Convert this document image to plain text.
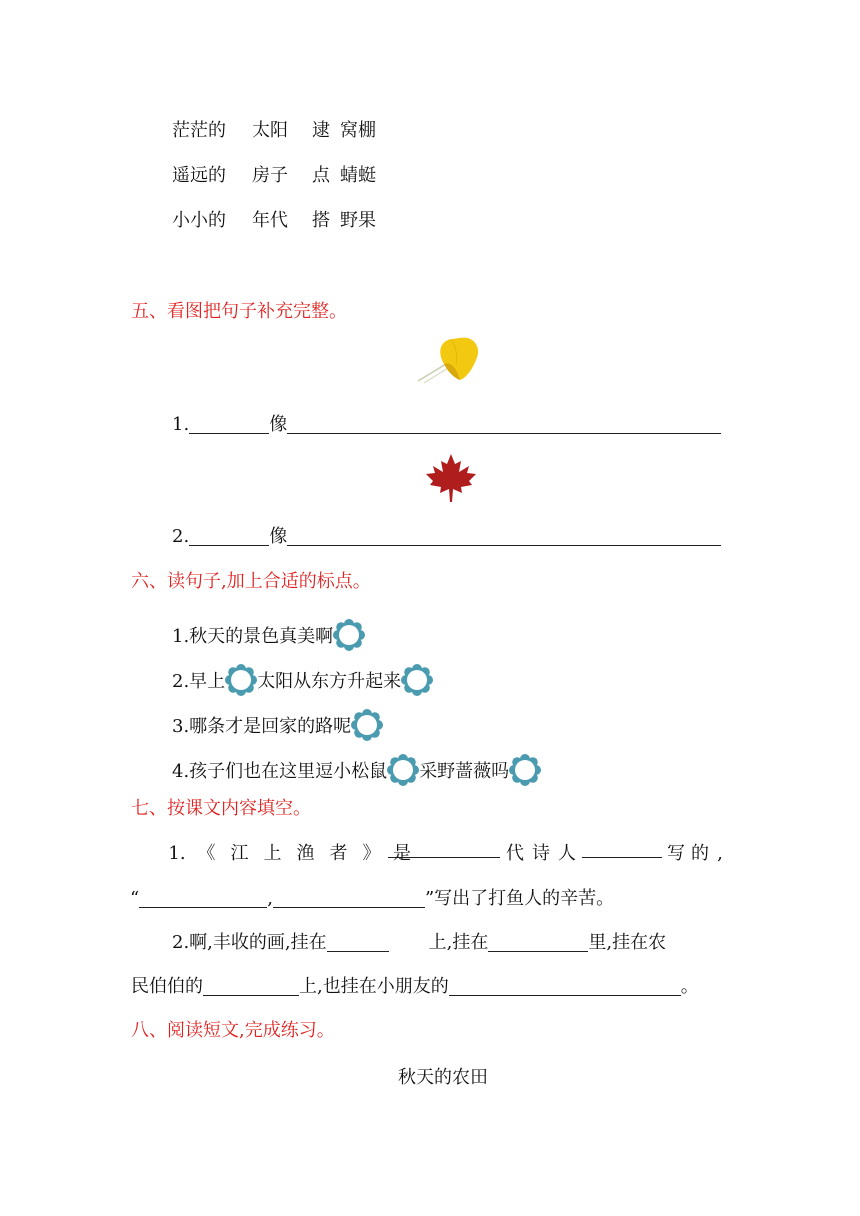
茫茫的 太阳 逮 窝棚
遥远的 房子 点 蜻蜓
小小的 年代 搭 野果
五、看图把句子补充完整。
1.	像
2.	像
六、读句子,加上合适的标点。
1.秋天的景色真美啊
2.早上 太阳从东方升起来
3.哪条才是回家的路呢
4.孩子们也在这里逗小松鼠 采野蔷薇吗
七、按课文内容填空。
1. 《 江 上 渔 者 》 是	代 诗 人	写 的 ,
“	,	”写出了打鱼人的辛苦。
2.啊,丰收的画,挂在	上,挂在	里,挂在农
民伯伯的	上,也挂在小朋友的	。
八、阅读短文,完成练习。
秋天的农田
